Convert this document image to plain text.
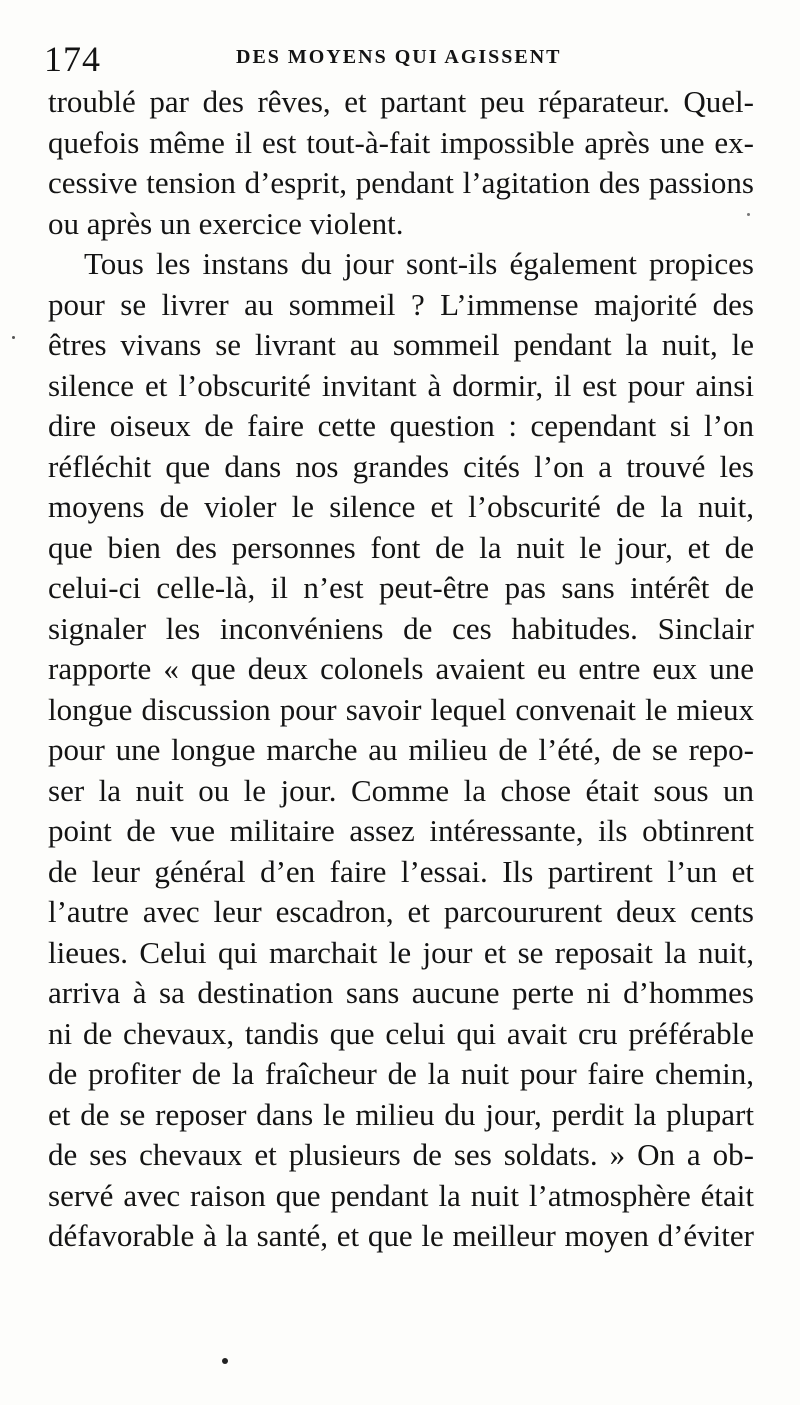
174	DES MOYENS QUI AGISSENT
troublé par des rêves, et partant peu réparateur. Quel-
quefois même il est tout-à-fait impossible après une ex-
cessive tension d’esprit, pendant l’agitation des passions
ou après un exercice violent.
Tous les instans du jour sont-ils également propices
pour se livrer au sommeil ? L’immense majorité des
êtres vivans se livrant au sommeil pendant la nuit, le
silence et l’obscurité invitant à dormir, il est pour ainsi
dire oiseux de faire cette question : cependant si l’on
réfléchit que dans nos grandes cités l’on a trouvé les
moyens de violer le silence et l’obscurité de la nuit,
que bien des personnes font de la nuit le jour, et de
celui-ci celle-là, il n’est peut-être pas sans intérêt de
signaler les inconvéniens de ces habitudes. Sinclair
rapporte « que deux colonels avaient eu entre eux une
longue discussion pour savoir lequel convenait le mieux
pour une longue marche au milieu de l’été, de se repo-
ser la nuit ou le jour. Comme la chose était sous un
point de vue militaire assez intéressante, ils obtinrent
de leur général d’en faire l’essai. Ils partirent l’un et
l’autre avec leur escadron, et parcoururent deux cents
lieues. Celui qui marchait le jour et se reposait la nuit,
arriva à sa destination sans aucune perte ni d’hommes
ni de chevaux, tandis que celui qui avait cru préférable
de profiter de la fraîcheur de la nuit pour faire chemin,
et de se reposer dans le milieu du jour, perdit la plupart
de ses chevaux et plusieurs de ses soldats. » On a ob-
servé avec raison que pendant la nuit l’atmosphère était
défavorable à la santé, et que le meilleur moyen d’éviter
